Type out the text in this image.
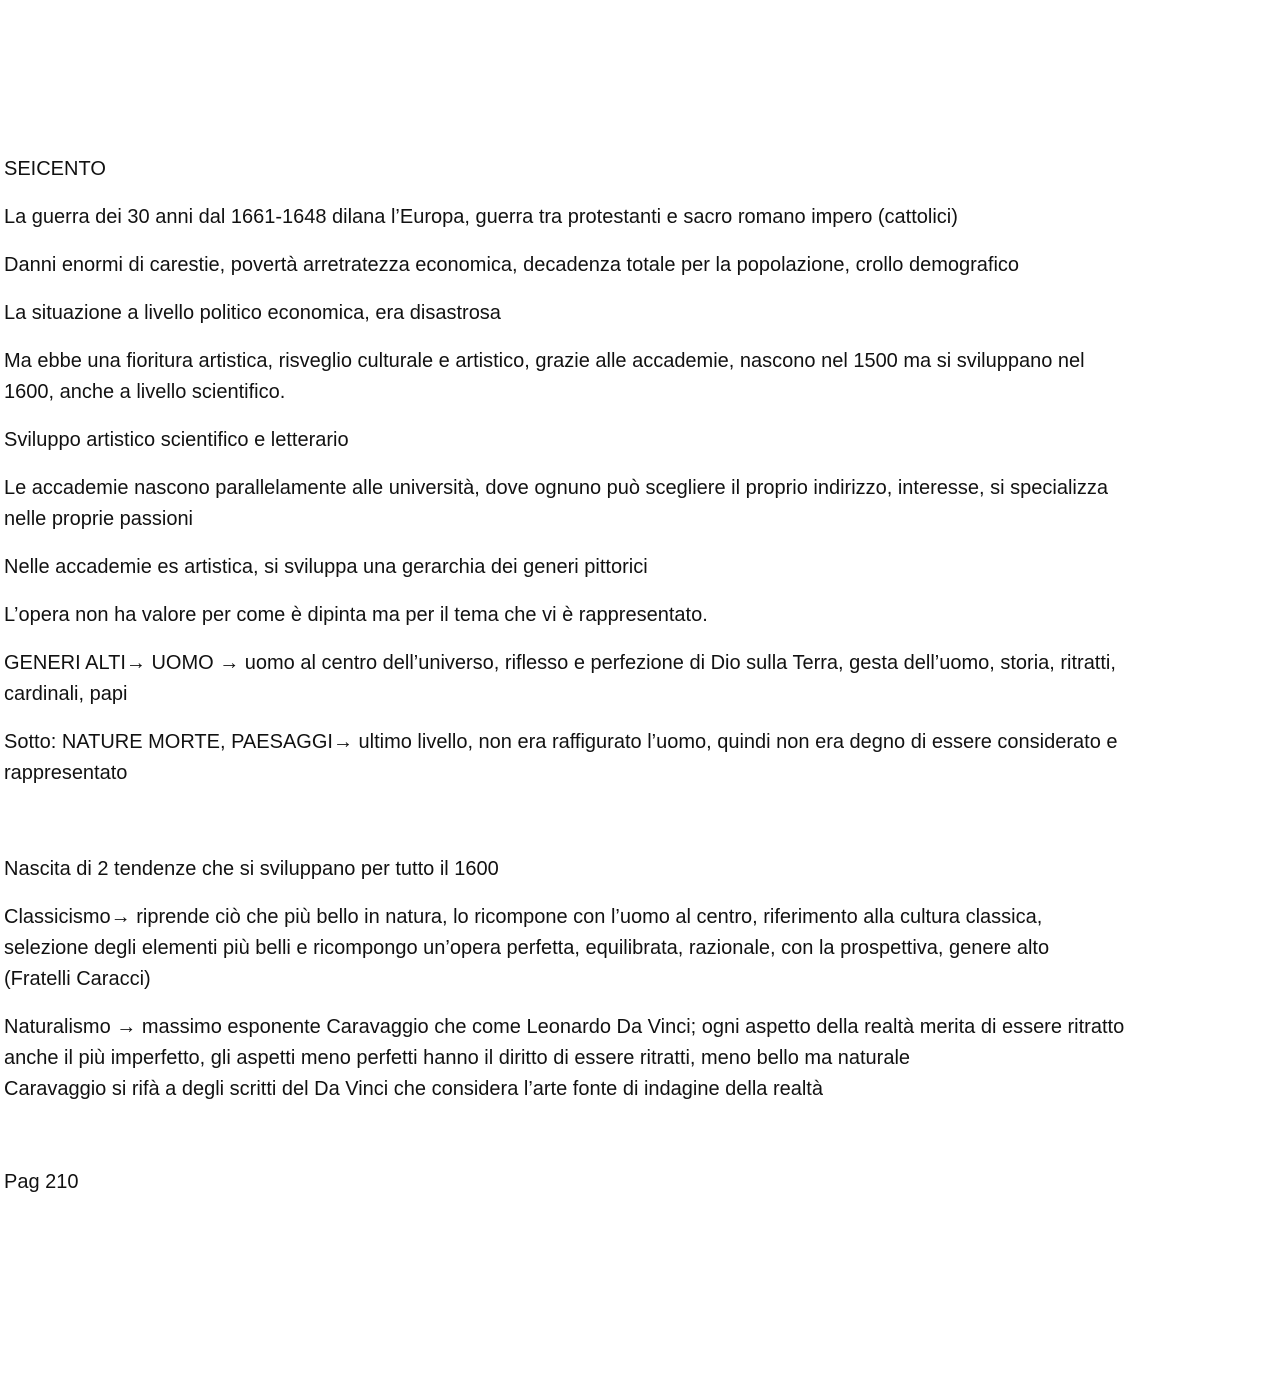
SEICENTO

La guerra dei 30 anni dal 1661-1648 dilana l’Europa, guerra tra protestanti e sacro romano impero (cattolici)

Danni enormi di carestie, povertà arretratezza economica, decadenza totale per la popolazione, crollo demografico

La situazione a livello politico economica, era disastrosa

Ma ebbe una fioritura artistica, risveglio culturale e artistico, grazie alle accademie, nascono nel 1500 ma si sviluppano nel
1600, anche a livello scientifico.

Sviluppo artistico scientifico e letterario

Le accademie nascono parallelamente alle università, dove ognuno può scegliere il proprio indirizzo, interesse, si specializza
nelle proprie passioni

Nelle accademie es artistica, si sviluppa una gerarchia dei generi pittorici

L’opera non ha valore per come è dipinta ma per il tema che vi è rappresentato.

GENERI ALTI→ UOMO → uomo al centro dell’universo, riflesso e perfezione di Dio sulla Terra, gesta dell’uomo, storia, ritratti,
cardinali, papi

Sotto: NATURE MORTE, PAESAGGI→ ultimo livello, non era raffigurato l’uomo, quindi non era degno di essere considerato e
rappresentato

Nascita di 2 tendenze che si sviluppano per tutto il 1600

Classicismo→ riprende ciò che più bello in natura, lo ricompone con l’uomo al centro, riferimento alla cultura classica,
selezione degli elementi più belli e ricompongo un’opera perfetta, equilibrata, razionale, con la prospettiva, genere alto
(Fratelli Caracci)

Naturalismo → massimo esponente Caravaggio che come Leonardo Da Vinci; ogni aspetto della realtà merita di essere ritratto
anche il più imperfetto, gli aspetti meno perfetti hanno il diritto di essere ritratti, meno bello ma naturale
Caravaggio si rifà a degli scritti del Da Vinci che considera l’arte fonte di indagine della realtà

Pag 210
